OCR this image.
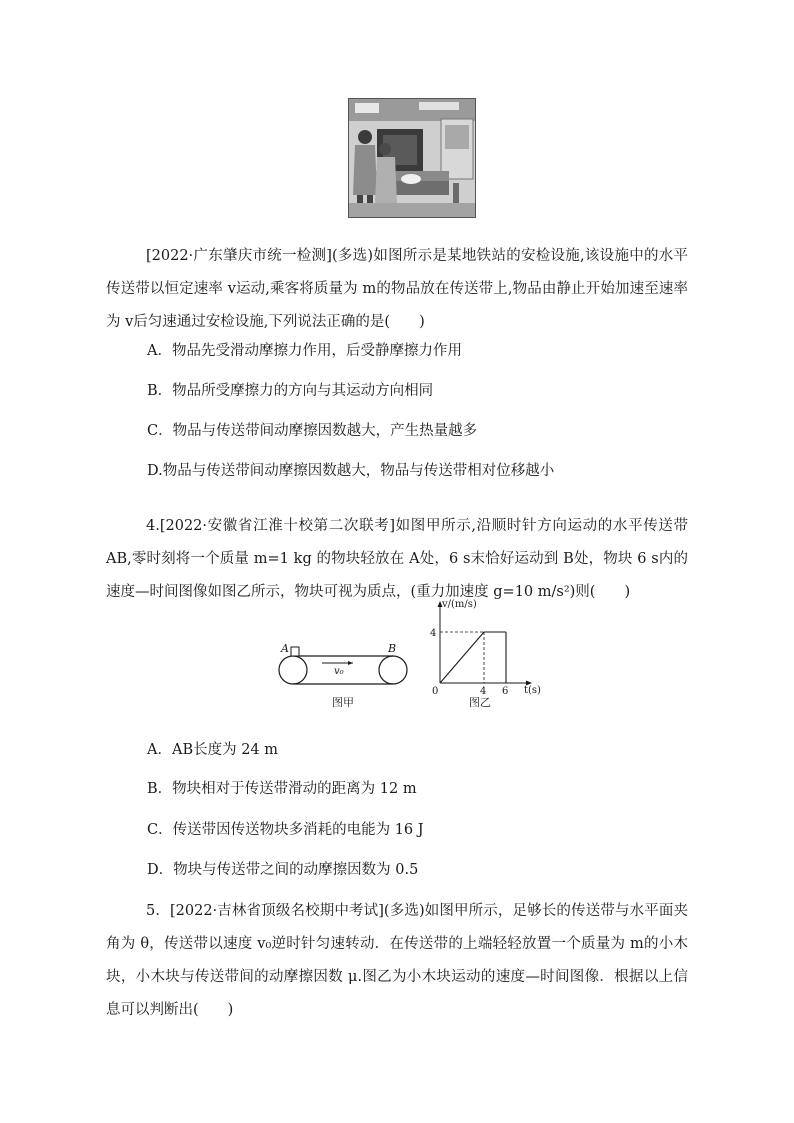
[2022·广东肇庆市统一检测](多选)如图所示是某地铁站的安检设施,该设施中的水平传送带以恒定速率 v运动,乘客将质量为 m的物品放在传送带上,物品由静止开始加速至速率为 v后匀速通过安检设施,下列说法正确的是(　　)

A．物品先受滑动摩擦力作用，后受静摩擦力作用
B．物品所受摩擦力的方向与其运动方向相同
C．物品与传送带间动摩擦因数越大，产生热量越多
D.物品与传送带间动摩擦因数越大，物品与传送带相对位移越小

4.[2022·安徽省江淮十校第二次联考]如图甲所示,沿顺时针方向运动的水平传送带 AB,零时刻将一个质量 m=1 kg 的物块轻放在 A处，6 s末恰好运动到 B处，物块 6 s内的速度—时间图像如图乙所示，物块可视为质点，(重力加速度 g=10 m/s²)则(　　)

A	B
v₀
图甲
v/(m/s)
t(s)
0
4
4 6
图乙
A．AB长度为 24 m
B．物块相对于传送带滑动的距离为 12 m
C．传送带因传送物块多消耗的电能为 16 J
D．物块与传送带之间的动摩擦因数为 0.5

5．[2022·吉林省顶级名校期中考试](多选)如图甲所示，足够长的传送带与水平面夹角为 θ，传送带以速度 v₀逆时针匀速转动．在传送带的上端轻轻放置一个质量为 m的小木块，小木块与传送带间的动摩擦因数 μ.图乙为小木块运动的速度—时间图像．根据以上信息可以判断出(　　)
